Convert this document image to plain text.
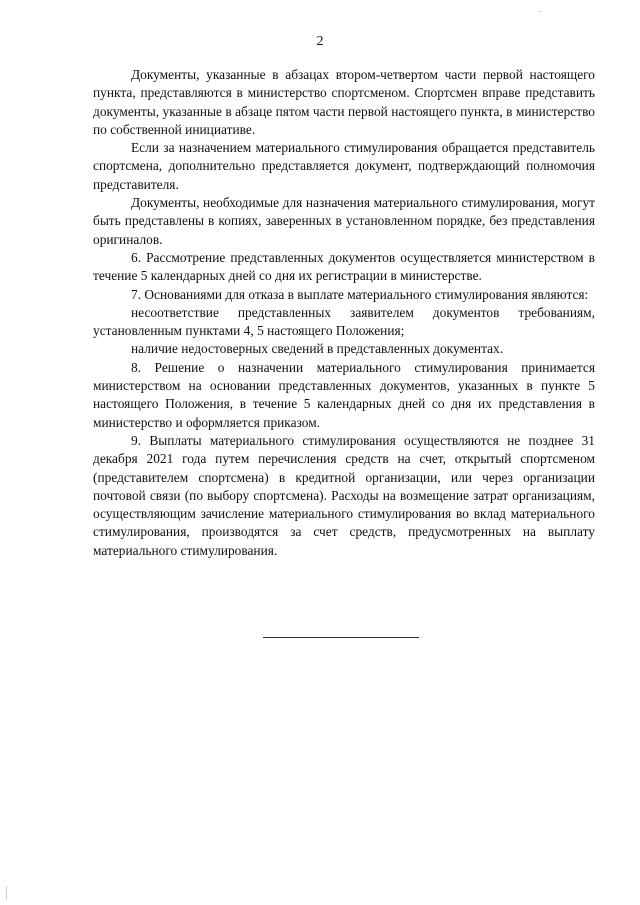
2

Документы, указанные в абзацах втором-четвертом части первой настоящего пункта, представляются в министерство спортсменом. Спортсмен вправе представить документы, указанные в абзаце пятом части первой настоящего пункта, в министерство по собственной инициативе.

Если за назначением материального стимулирования обращается представитель спортсмена, дополнительно представляется документ, подтверждающий полномочия представителя.

Документы, необходимые для назначения материального стимулирования, могут быть представлены в копиях, заверенных в установленном порядке, без представления оригиналов.

6. Рассмотрение представленных документов осуществляется министерством в течение 5 календарных дней со дня их регистрации в министерстве.

7. Основаниями для отказа в выплате материального стимулирования являются:

несоответствие представленных заявителем документов требованиям, установленным пунктами 4, 5 настоящего Положения;

наличие недостоверных сведений в представленных документах.

8. Решение о назначении материального стимулирования принимается министерством на основании представленных документов, указанных в пункте 5 настоящего Положения, в течение 5 календарных дней со дня их представления в министерство и оформляется приказом.

9. Выплаты материального стимулирования осуществляются не позднее 31 декабря 2021 года путем перечисления средств на счет, открытый спортсменом (представителем спортсмена) в кредитной организации, или через организации почтовой связи (по выбору спортсмена). Расходы на возмещение затрат организациям, осуществляющим зачисление материального стимулирования во вклад материального стимулирования, производятся за счет средств, предусмотренных на выплату материального стимулирования.
